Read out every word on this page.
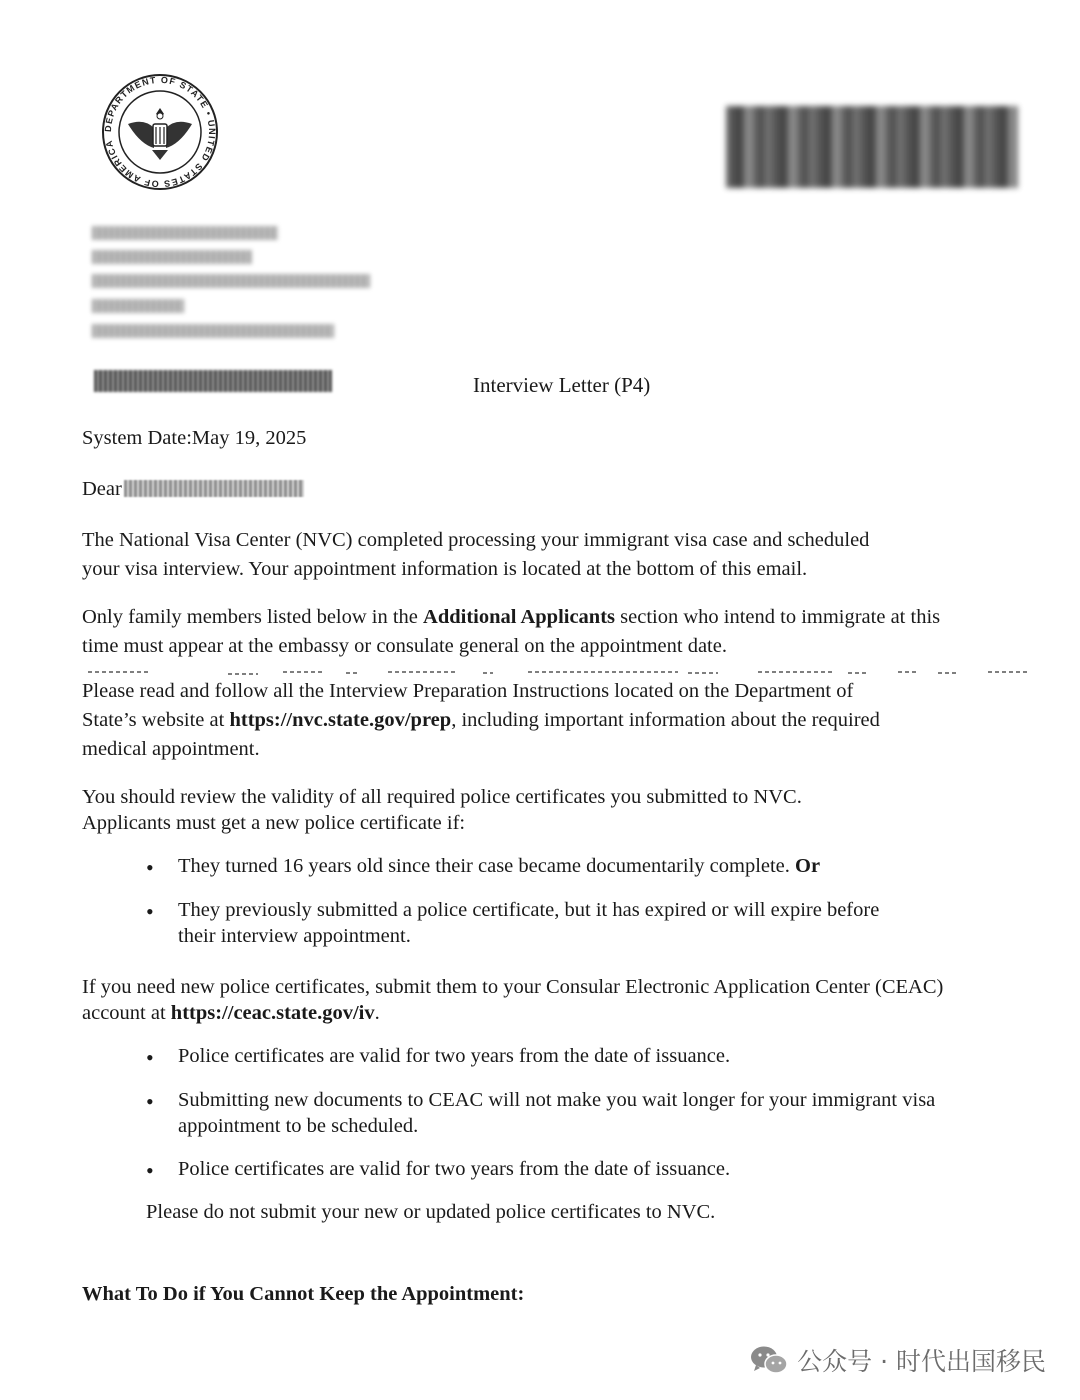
DEPARTMENT OF STATE • UNITED STATES OF AMERICA
Interview Letter (P4)
System Date:May 19, 2025
Dear
The National Visa Center (NVC) completed processing your immigrant visa case and scheduled
your visa interview. Your appointment information is located at the bottom of this email.
Only family members listed below in the Additional Applicants section who intend to immigrate at this
time must appear at the embassy or consulate general on the appointment date.
Please read and follow all the Interview Preparation Instructions located on the Department of
State’s website at https://nvc.state.gov/prep, including important information about the required
medical appointment.
You should review the validity of all required police certificates you submitted to NVC.
Applicants must get a new police certificate if:
•
They turned 16 years old since their case became documentarily complete. Or
•
They previously submitted a police certificate, but it has expired or will expire before
their interview appointment.
If you need new police certificates, submit them to your Consular Electronic Application Center (CEAC)
account at https://ceac.state.gov/iv.
•
Police certificates are valid for two years from the date of issuance.
•
Submitting new documents to CEAC will not make you wait longer for your immigrant visa
appointment to be scheduled.
•
Police certificates are valid for two years from the date of issuance.
Please do not submit your new or updated police certificates to NVC.
What To Do if You Cannot Keep the Appointment:
公众号 · 时代出国移民
